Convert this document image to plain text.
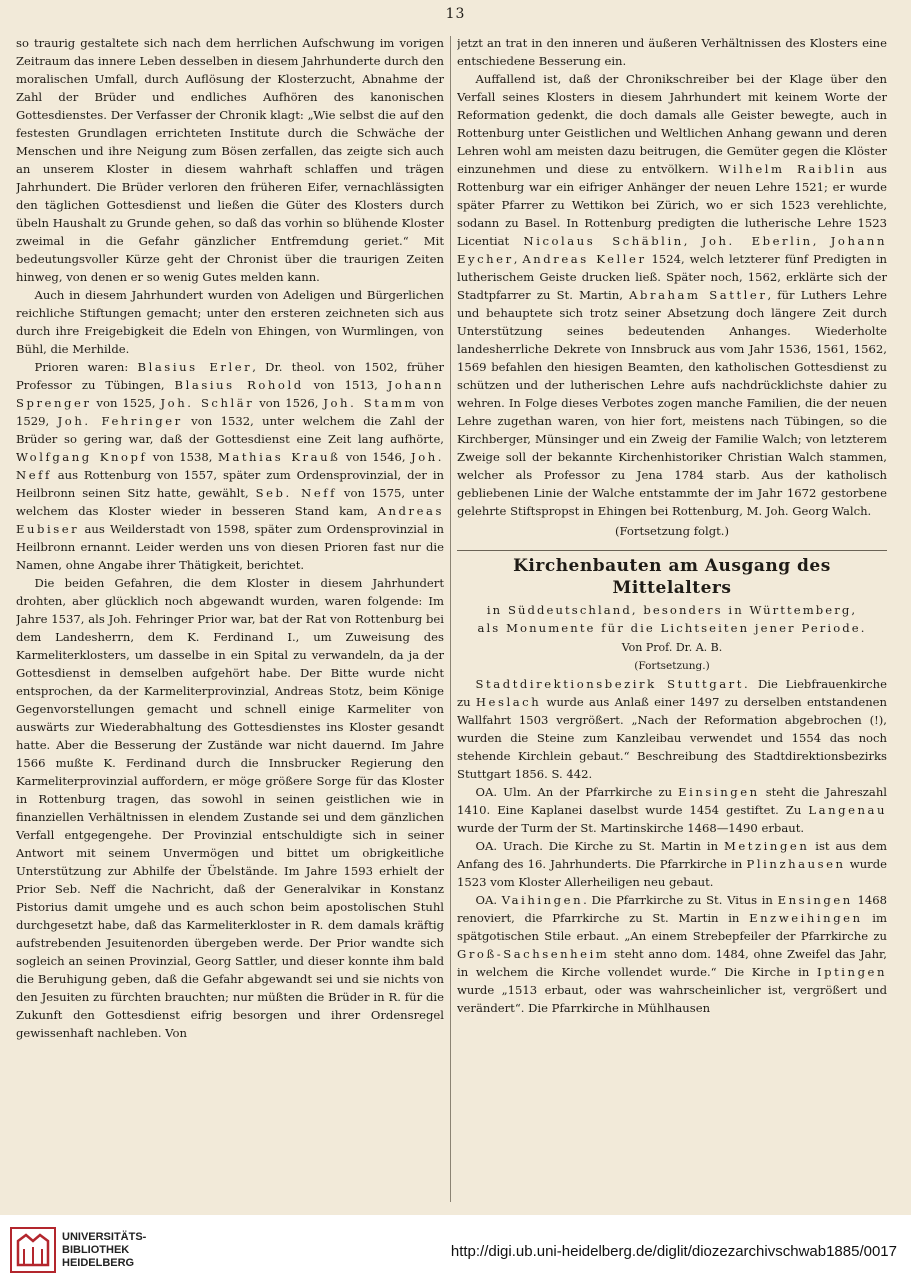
13

so traurig gestaltete sich nach dem herrlichen Aufschwung im vorigen Zeitraum das innere Leben desselben in diesem Jahrhunderte durch den moralischen Umfall, durch Auflösung der Klosterzucht, Abnahme der Zahl der Brüder und endliches Aufhören des kanonischen Gottesdienstes. Der Verfasser der Chronik klagt: „Wie selbst die auf den festesten Grundlagen errichteten Institute durch die Schwäche der Menschen und ihre Neigung zum Bösen zerfallen, das zeigte sich auch an unserem Kloster in diesem wahrhaft schlaffen und trägen Jahrhundert. Die Brüder verloren den früheren Eifer, vernachlässigten den täglichen Gottesdienst und ließen die Güter des Klosters durch übeln Haushalt zu Grunde gehen, so daß das vorhin so blühende Kloster zweimal in die Gefahr gänzlicher Entfremdung geriet.“ Mit bedeutungsvoller Kürze geht der Chronist über die traurigen Zeiten hinweg, von denen er so wenig Gutes melden kann.

Auch in diesem Jahrhundert wurden von Adeligen und Bürgerlichen reichliche Stiftungen gemacht; unter den ersteren zeichneten sich aus durch ihre Freigebigkeit die Edeln von Ehingen, von Wurmlingen, von Bühl, die Merhilde.

Prioren waren: Blasius Erler, Dr. theol. von 1502, früher Professor zu Tübingen, Blasius Rohold von 1513, Johann Sprenger von 1525, Joh. Schlär von 1526, Joh. Stamm von 1529, Joh. Fehringer von 1532, unter welchem die Zahl der Brüder so gering war, daß der Gottesdienst eine Zeit lang aufhörte, Wolfgang Knopf von 1538, Mathias Krauß von 1546, Joh. Neff aus Rottenburg von 1557, später zum Ordensprovinzial, der in Heilbronn seinen Sitz hatte, gewählt, Seb. Neff von 1575, unter welchem das Kloster wieder in besseren Stand kam, Andreas Eubiser aus Weilderstadt von 1598, später zum Ordensprovinzial in Heilbronn ernannt. Leider werden uns von diesen Prioren fast nur die Namen, ohne Angabe ihrer Thätigkeit, berichtet.

Die beiden Gefahren, die dem Kloster in diesem Jahrhundert drohten, aber glücklich noch abgewandt wurden, waren folgende: Im Jahre 1537, als Joh. Fehringer Prior war, bat der Rat von Rottenburg bei dem Landesherrn, dem K. Ferdinand I., um Zuweisung des Karmeliterklosters, um dasselbe in ein Spital zu verwandeln, da ja der Gottesdienst in demselben aufgehört habe. Der Bitte wurde nicht entsprochen, da der Karmeliterprovinzial, Andreas Stotz, beim Könige Gegenvorstellungen gemacht und schnell einige Karmeliter von auswärts zur Wiederabhaltung des Gottesdienstes ins Kloster gesandt hatte. Aber die Besserung der Zustände war nicht dauernd. Im Jahre 1566 mußte K. Ferdinand durch die Innsbrucker Regierung den Karmeliterprovinzial auffordern, er möge größere Sorge für das Kloster in Rottenburg tragen, das sowohl in seinen geistlichen wie in finanziellen Verhältnissen in elendem Zustande sei und dem gänzlichen Verfall entgegengehe. Der Provinzial entschuldigte sich in seiner Antwort mit seinem Unvermögen und bittet um obrigkeitliche Unterstützung zur Abhilfe der Übelstände. Im Jahre 1593 erhielt der Prior Seb. Neff die Nachricht, daß der Generalvikar in Konstanz Pistorius damit umgehe und es auch schon beim apostolischen Stuhl durchgesetzt habe, daß das Karmeliterkloster in R. dem damals kräftig aufstrebenden Jesuitenorden übergeben werde. Der Prior wandte sich sogleich an seinen Provinzial, Georg Sattler, und dieser konnte ihm bald die Beruhigung geben, daß die Gefahr abgewandt sei und sie nichts von den Jesuiten zu fürchten brauchten; nur müßten die Brüder in R. für die Zukunft den Gottesdienst eifrig besorgen und ihrer Ordensregel gewissenhaft nachleben. Von

jetzt an trat in den inneren und äußeren Verhältnissen des Klosters eine entschiedene Besserung ein.

Auffallend ist, daß der Chronikschreiber bei der Klage über den Verfall seines Klosters in diesem Jahrhundert mit keinem Worte der Reformation gedenkt, die doch damals alle Geister bewegte, auch in Rottenburg unter Geistlichen und Weltlichen Anhang gewann und deren Lehren wohl am meisten dazu beitrugen, die Gemüter gegen die Klöster einzunehmen und diese zu entvölkern. Wilhelm Raiblin aus Rottenburg war ein eifriger Anhänger der neuen Lehre 1521; er wurde später Pfarrer zu Wettikon bei Zürich, wo er sich 1523 verehlichte, sodann zu Basel. In Rottenburg predigten die lutherische Lehre 1523 Licentiat Nicolaus Schäblin, Joh. Eberlin, Johann Eycher, Andreas Keller 1524, welch letzterer fünf Predigten in lutherischem Geiste drucken ließ. Später noch, 1562, erklärte sich der Stadtpfarrer zu St. Martin, Abraham Sattler, für Luthers Lehre und behauptete sich trotz seiner Absetzung doch längere Zeit durch Unterstützung seines bedeutenden Anhanges. Wiederholte landesherrliche Dekrete von Innsbruck aus vom Jahr 1536, 1561, 1562, 1569 befahlen den hiesigen Beamten, den katholischen Gottesdienst zu schützen und der lutherischen Lehre aufs nachdrücklichste dahier zu wehren. In Folge dieses Verbotes zogen manche Familien, die der neuen Lehre zugethan waren, von hier fort, meistens nach Tübingen, so die Kirchberger, Münsinger und ein Zweig der Familie Walch; von letzterem Zweige soll der bekannte Kirchenhistoriker Christian Walch stammen, welcher als Professor zu Jena 1784 starb. Aus der katholisch gebliebenen Linie der Walche entstammte der im Jahr 1672 gestorbene gelehrte Stiftspropst in Ehingen bei Rottenburg, M. Joh. Georg Walch.

(Fortsetzung folgt.)

Kirchenbauten am Ausgang des Mittelalters

in Süddeutschland, besonders in Württemberg,

als Monumente für die Lichtseiten jener Periode.

Von Prof. Dr. A. B.

(Fortsetzung.)

Stadtdirektionsbezirk Stuttgart. Die Liebfrauenkirche zu Heslach wurde aus Anlaß einer 1497 zu derselben entstandenen Wallfahrt 1503 vergrößert. „Nach der Reformation abgebrochen (!), wurden die Steine zum Kanzleibau verwendet und 1554 das noch stehende Kirchlein gebaut.“ Beschreibung des Stadtdirektionsbezirks Stuttgart 1856. S. 442.

OA. Ulm. An der Pfarrkirche zu Einsingen steht die Jahreszahl 1410. Eine Kaplanei daselbst wurde 1454 gestiftet. Zu Langenau wurde der Turm der St. Martinskirche 1468—1490 erbaut.

OA. Urach. Die Kirche zu St. Martin in Metzingen ist aus dem Anfang des 16. Jahrhunderts. Die Pfarrkirche in Plinzhausen wurde 1523 vom Kloster Allerheiligen neu gebaut.

OA. Vaihingen. Die Pfarrkirche zu St. Vitus in Ensingen 1468 renoviert, die Pfarrkirche zu St. Martin in Enzweihingen im spätgotischen Stile erbaut. „An einem Strebepfeiler der Pfarrkirche zu Groß-Sachsenheim steht anno dom. 1484, ohne Zweifel das Jahr, in welchem die Kirche vollendet wurde.“ Die Kirche in Iptingen wurde „1513 erbaut, oder was wahrscheinlicher ist, vergrößert und verändert“. Die Pfarrkirche in Mühlhausen

UNIVERSITÄTS-
BIBLIOTHEK
HEIDELBERG
http://digi.ub.uni-heidelberg.de/diglit/diozezarchivschwab1885/0017
